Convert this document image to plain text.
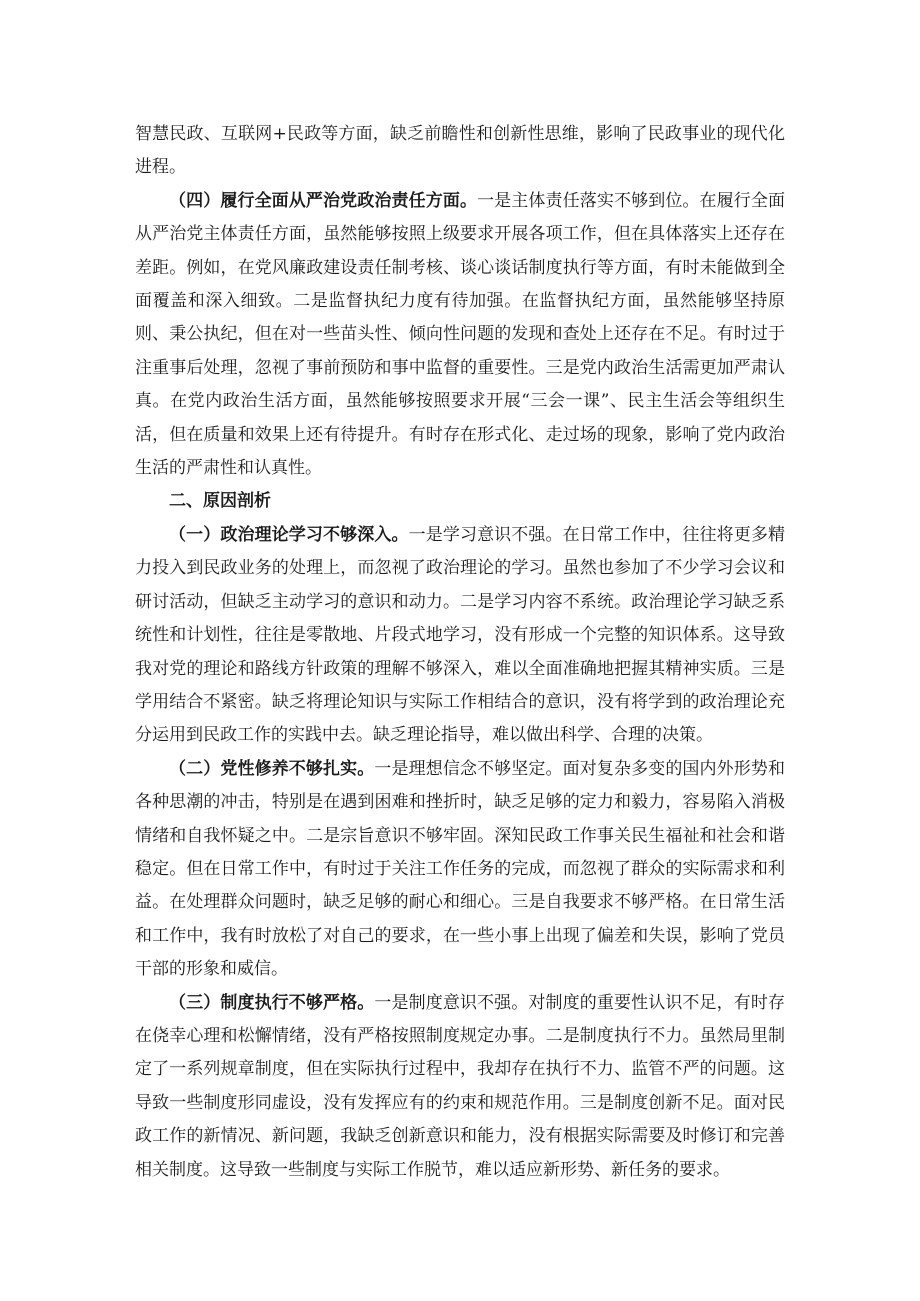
智慧民政、互联网+民政等方面，缺乏前瞻性和创新性思维，影响了民政事业的现代化进程。

（四）履行全面从严治党政治责任方面。一是主体责任落实不够到位。在履行全面从严治党主体责任方面，虽然能够按照上级要求开展各项工作，但在具体落实上还存在差距。例如，在党风廉政建设责任制考核、谈心谈话制度执行等方面，有时未能做到全面覆盖和深入细致。二是监督执纪力度有待加强。在监督执纪方面，虽然能够坚持原则、秉公执纪，但在对一些苗头性、倾向性问题的发现和查处上还存在不足。有时过于注重事后处理，忽视了事前预防和事中监督的重要性。三是党内政治生活需更加严肃认真。在党内政治生活方面，虽然能够按照要求开展“三会一课”、民主生活会等组织生活，但在质量和效果上还有待提升。有时存在形式化、走过场的现象，影响了党内政治生活的严肃性和认真性。

二、原因剖析

（一）政治理论学习不够深入。一是学习意识不强。在日常工作中，往往将更多精力投入到民政业务的处理上，而忽视了政治理论的学习。虽然也参加了不少学习会议和研讨活动，但缺乏主动学习的意识和动力。二是学习内容不系统。政治理论学习缺乏系统性和计划性，往往是零散地、片段式地学习，没有形成一个完整的知识体系。这导致我对党的理论和路线方针政策的理解不够深入，难以全面准确地把握其精神实质。三是学用结合不紧密。缺乏将理论知识与实际工作相结合的意识，没有将学到的政治理论充分运用到民政工作的实践中去。缺乏理论指导，难以做出科学、合理的决策。

（二）党性修养不够扎实。一是理想信念不够坚定。面对复杂多变的国内外形势和各种思潮的冲击，特别是在遇到困难和挫折时，缺乏足够的定力和毅力，容易陷入消极情绪和自我怀疑之中。二是宗旨意识不够牢固。深知民政工作事关民生福祉和社会和谐稳定。但在日常工作中，有时过于关注工作任务的完成，而忽视了群众的实际需求和利益。在处理群众问题时，缺乏足够的耐心和细心。三是自我要求不够严格。在日常生活和工作中，我有时放松了对自己的要求，在一些小事上出现了偏差和失误，影响了党员干部的形象和威信。

（三）制度执行不够严格。一是制度意识不强。对制度的重要性认识不足，有时存在侥幸心理和松懈情绪，没有严格按照制度规定办事。二是制度执行不力。虽然局里制定了一系列规章制度，但在实际执行过程中，我却存在执行不力、监管不严的问题。这导致一些制度形同虚设，没有发挥应有的约束和规范作用。三是制度创新不足。面对民政工作的新情况、新问题，我缺乏创新意识和能力，没有根据实际需要及时修订和完善相关制度。这导致一些制度与实际工作脱节，难以适应新形势、新任务的要求。
